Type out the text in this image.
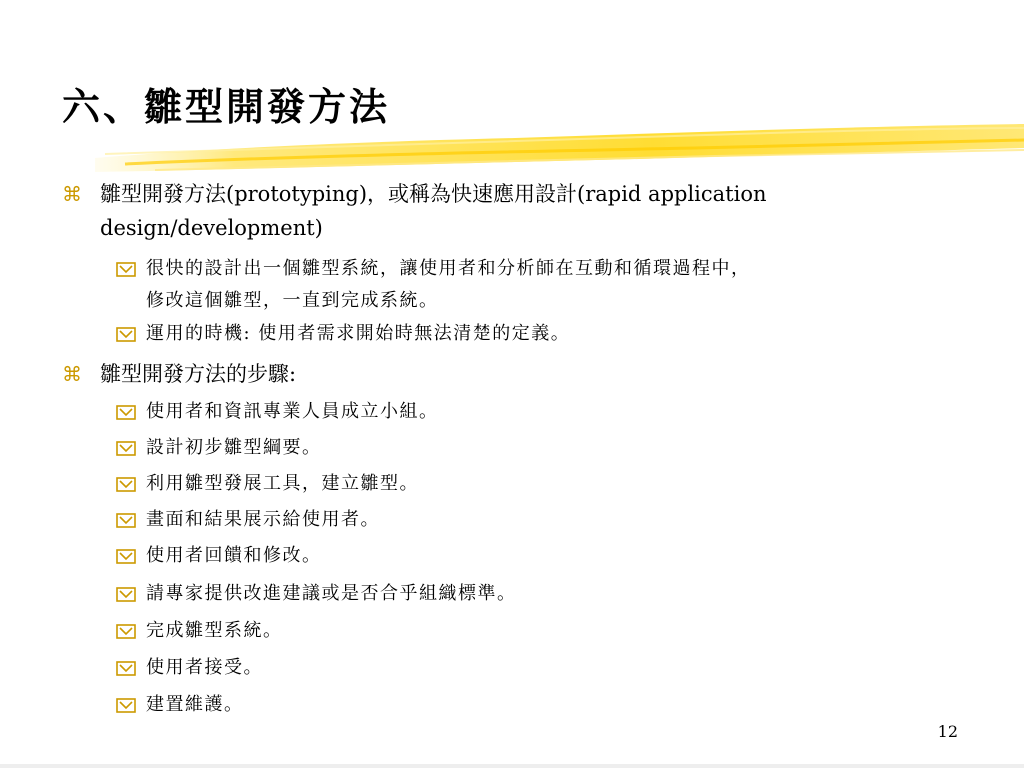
六、雛型開發方法
⌘ 雛型開發方法(prototyping)，或稱為快速應用設計(rapid application
design/development)
很快的設計出一個雛型系統，讓使用者和分析師在互動和循環過程中，
修改這個雛型，一直到完成系統。
運用的時機: 使用者需求開始時無法清楚的定義。
⌘ 雛型開發方法的步驟:
使用者和資訊專業人員成立小組。
設計初步雛型綱要。
利用雛型發展工具，建立雛型。
畫面和結果展示給使用者。
使用者回饋和修改。
請專家提供改進建議或是否合乎組織標準。
完成雛型系統。
使用者接受。
建置維護。
12
